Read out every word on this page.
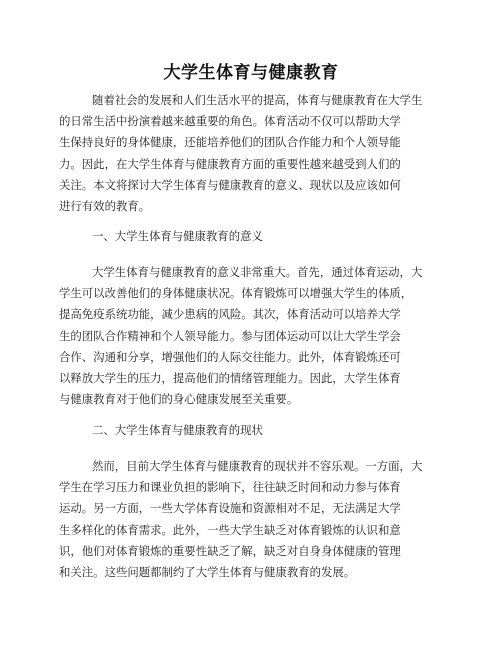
大学生体育与健康教育
随着社会的发展和人们生活水平的提高，体育与健康教育在大学生
的日常生活中扮演着越来越重要的角色。体育活动不仅可以帮助大学
生保持良好的身体健康，还能培养他们的团队合作能力和个人领导能
力。因此，在大学生体育与健康教育方面的重要性越来越受到人们的
关注。本文将探讨大学生体育与健康教育的意义、现状以及应该如何
进行有效的教育。
一、大学生体育与健康教育的意义
大学生体育与健康教育的意义非常重大。首先，通过体育运动，大
学生可以改善他们的身体健康状况。体育锻炼可以增强大学生的体质，
提高免疫系统功能，减少患病的风险。其次，体育活动可以培养大学
生的团队合作精神和个人领导能力。参与团体运动可以让大学生学会
合作、沟通和分享，增强他们的人际交往能力。此外，体育锻炼还可
以释放大学生的压力，提高他们的情绪管理能力。因此，大学生体育
与健康教育对于他们的身心健康发展至关重要。
二、大学生体育与健康教育的现状
然而，目前大学生体育与健康教育的现状并不容乐观。一方面，大
学生在学习压力和课业负担的影响下，往往缺乏时间和动力参与体育
运动。另一方面，一些大学体育设施和资源相对不足，无法满足大学
生多样化的体育需求。此外，一些大学生缺乏对体育锻炼的认识和意
识，他们对体育锻炼的重要性缺乏了解，缺乏对自身身体健康的管理
和关注。这些问题都制约了大学生体育与健康教育的发展。
